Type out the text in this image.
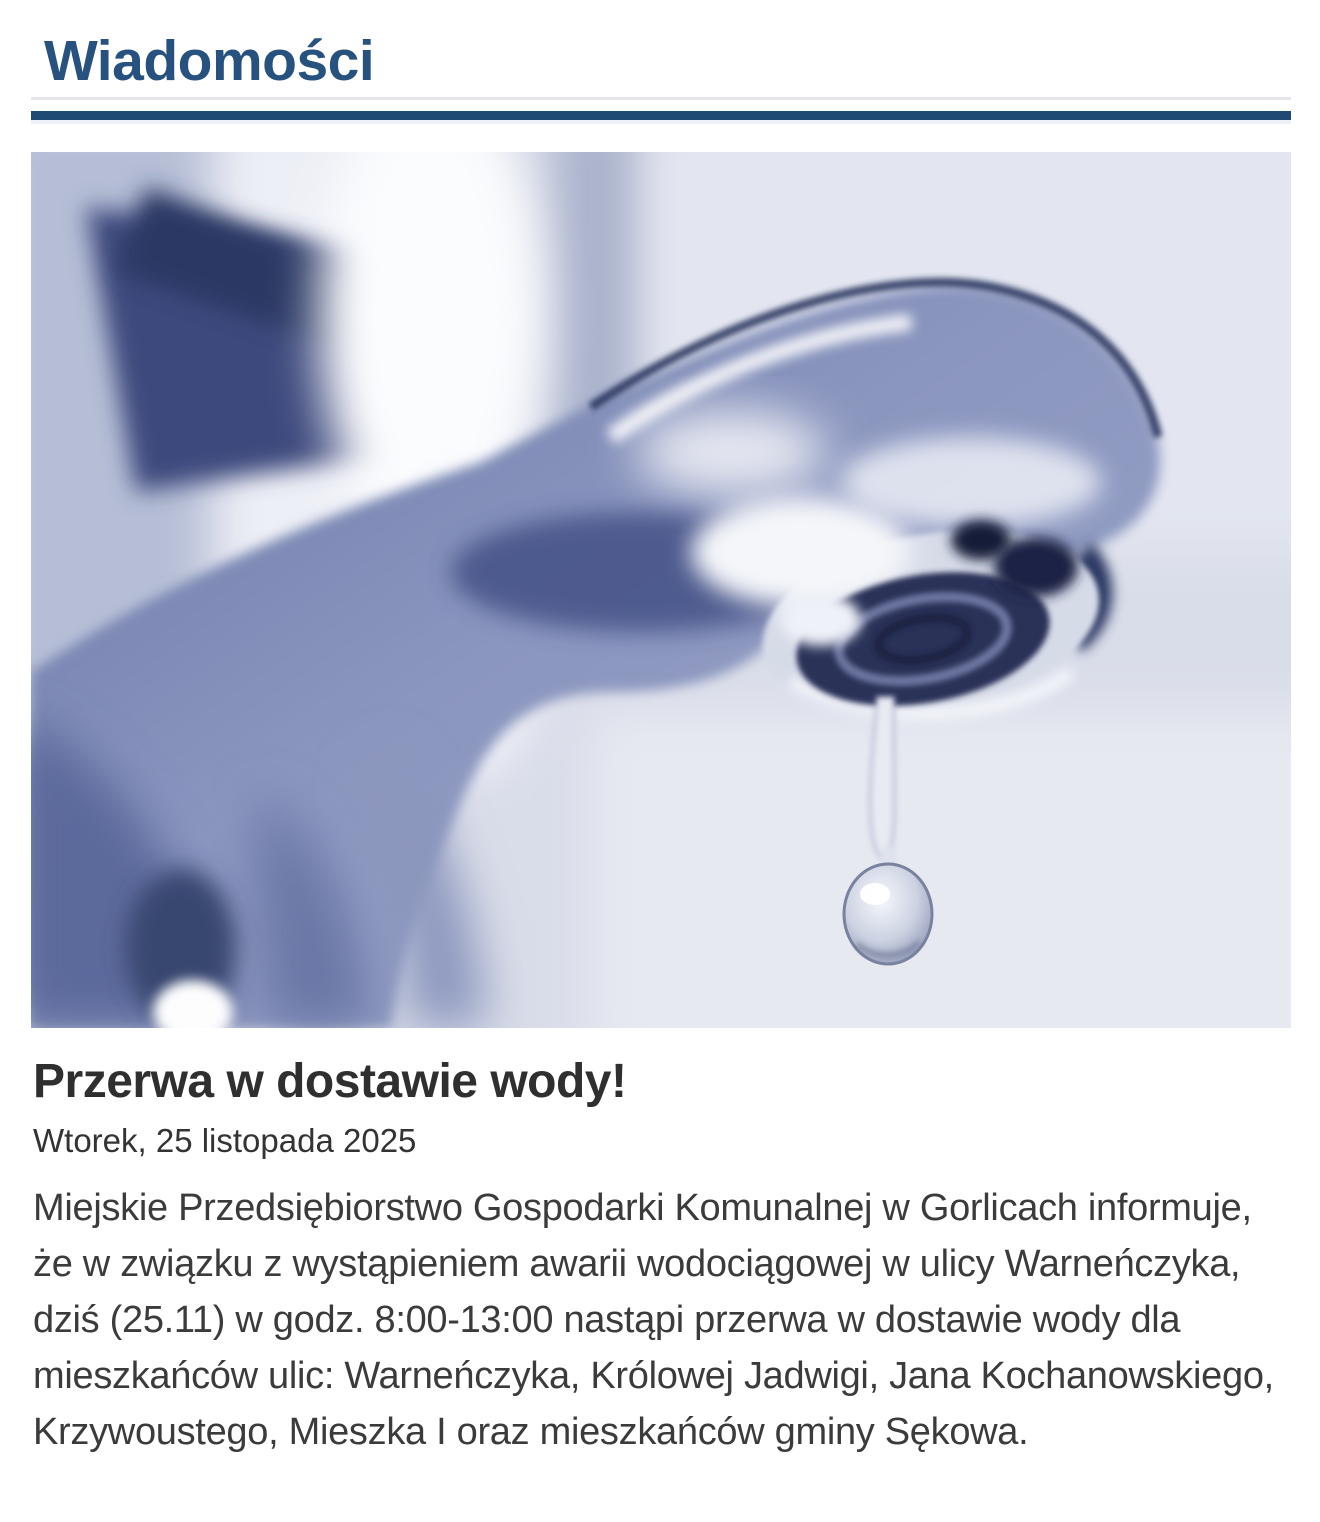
Wiadomości
Przerwa w dostawie wody!
Wtorek, 25 listopada 2025

Miejskie Przedsiębiorstwo Gospodarki Komunalnej w Gorlicach informuje, że w związku z wystąpieniem awarii wodociągowej w ulicy Warneńczyka, dziś (25.11) w godz. 8:00-13:00 nastąpi przerwa w dostawie wody dla mieszkańców ulic: Warneńczyka, Królowej Jadwigi, Jana Kochanowskiego, Krzywoustego, Mieszka I oraz mieszkańców gminy Sękowa.
